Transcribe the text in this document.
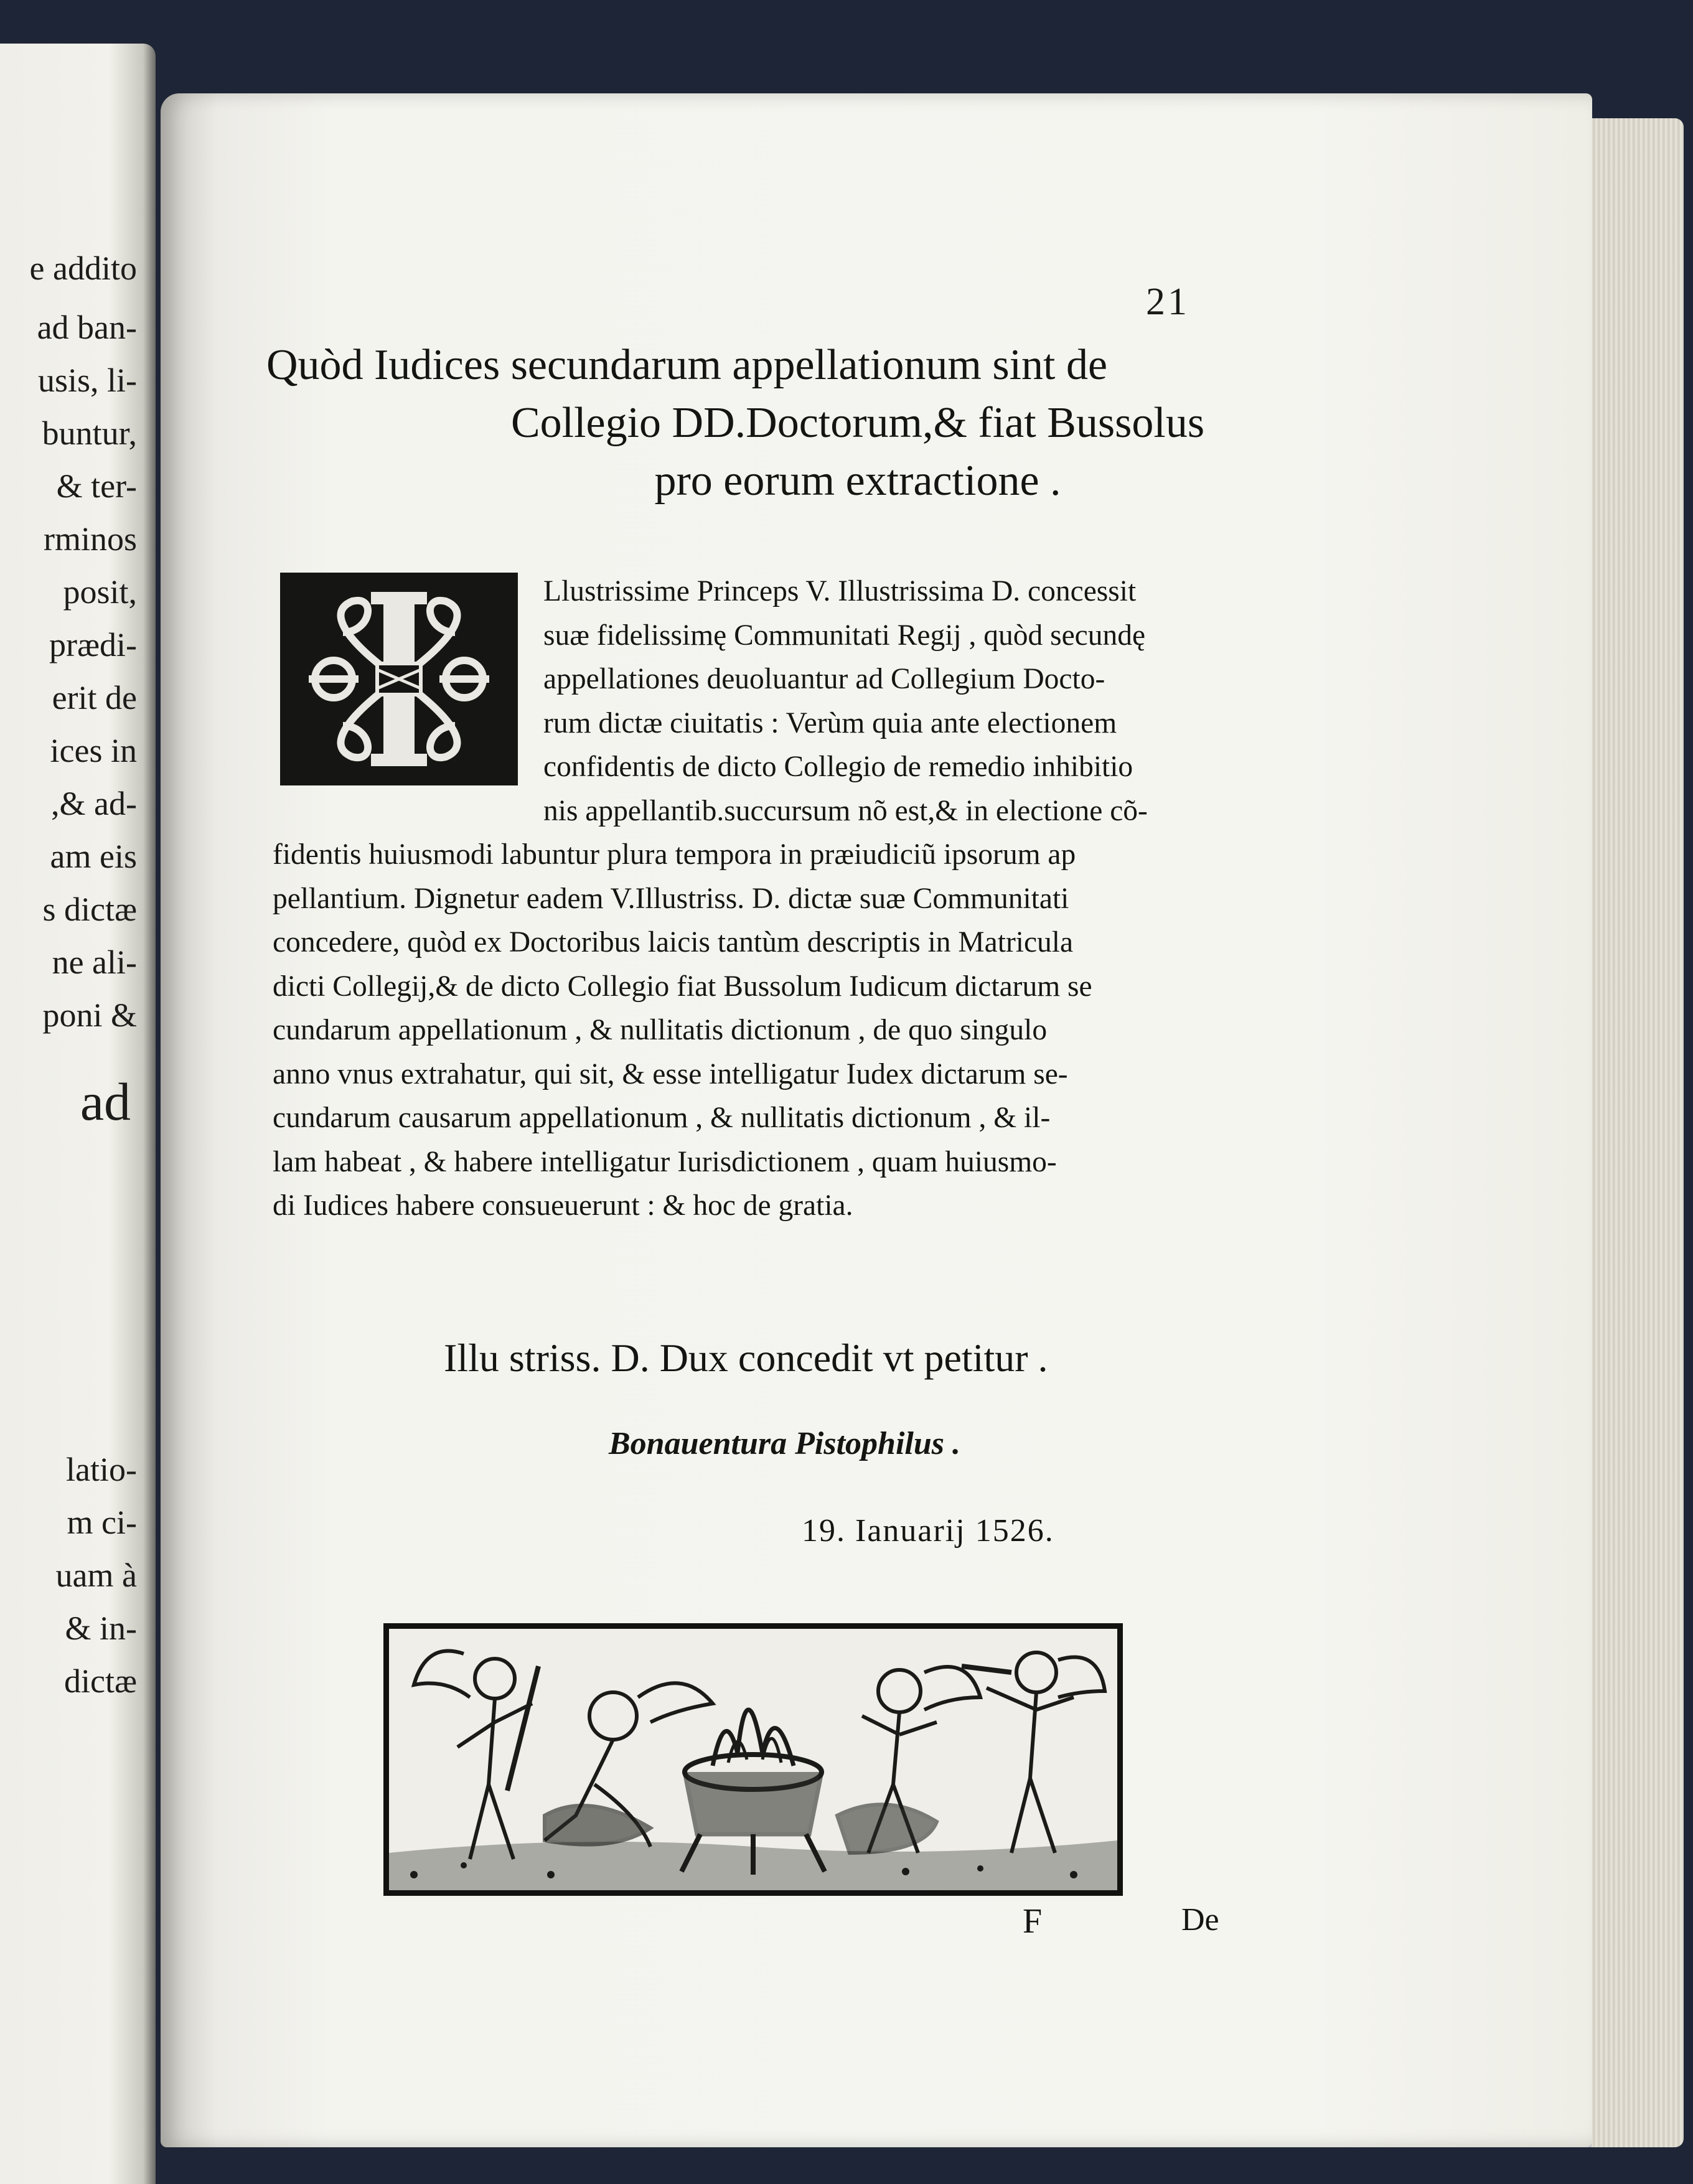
e addito
ad ban-
usis, li-
buntur,
& ter-
rminos
posit,
prædi-
erit de
ices in
,& ad-
am eis
s dictæ
ne ali-
poni &
ad
latio-
m ci-
uam à
& in-
dictæ
21
Quòd Iudices secundarum appellationum sint de
Collegio DD.Doctorum,& fiat Bussolus
pro eorum extractione .
Llustrissime Princeps V. Illustrissima D. concessit
suæ fidelissimę Communitati Regij , quòd secundę
appellationes deuoluantur ad Collegium Docto-
rum dictæ ciuitatis : Verùm quia ante electionem
confidentis de dicto Collegio de remedio inhibitio
nis appellantib.succursum nõ est,& in electione cõ-
fidentis huiusmodi labuntur plura tempora in præiudiciũ ipsorum ap
pellantium. Dignetur eadem V.Illustriss. D. dictæ suæ Communitati
concedere, quòd ex Doctoribus laicis tantùm descriptis in Matricula
dicti Collegij,& de dicto Collegio fiat Bussolum Iudicum dictarum se
cundarum appellationum , & nullitatis dictionum , de quo singulo
anno vnus extrahatur, qui sit, & esse intelligatur Iudex dictarum se-
cundarum causarum appellationum , & nullitatis dictionum , & il-
lam habeat , & habere intelligatur Iurisdictionem , quam huiusmo-
di Iudices habere consueuerunt : & hoc de gratia.
Illu striss. D. Dux concedit vt petitur .
Bonauentura Pistophilus .
19. Ianuarij 1526.
F	De
